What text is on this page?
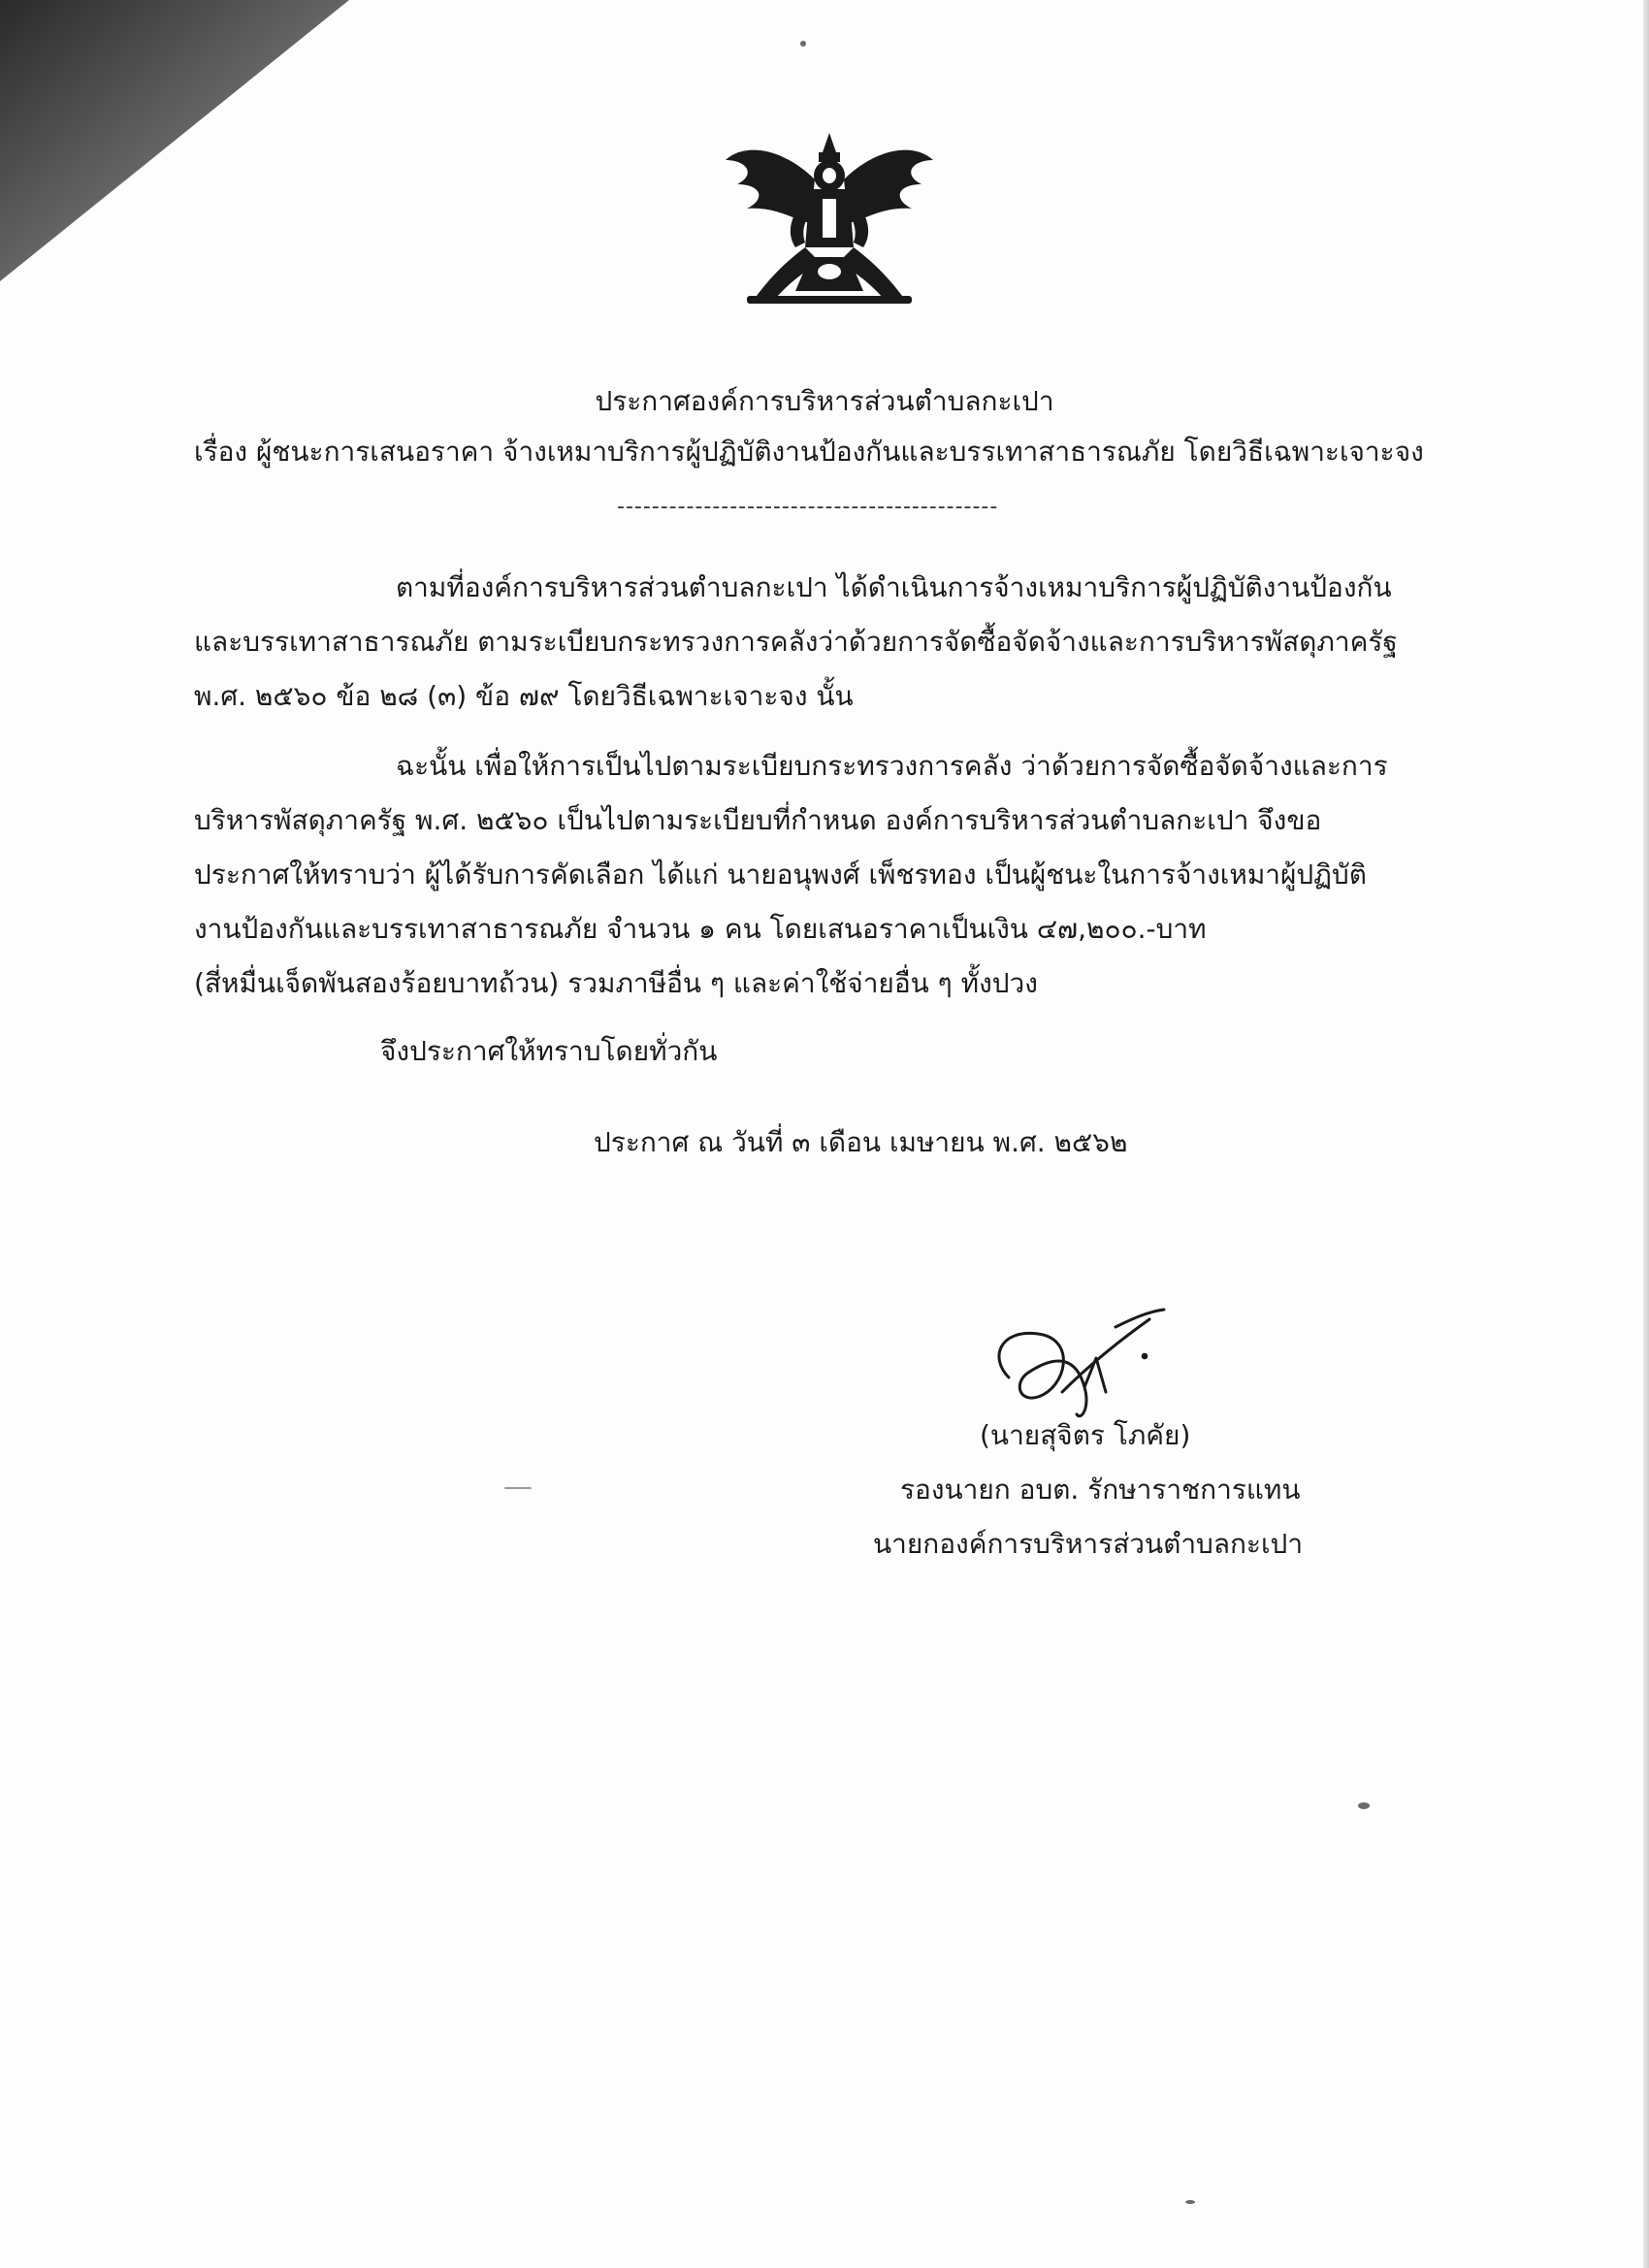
ประกาศองค์การบริหารส่วนตำบลกะเปา
เรื่อง ผู้ชนะการเสนอราคา จ้างเหมาบริการผู้ปฏิบัติงานป้องกันและบรรเทาสาธารณภัย โดยวิธีเฉพาะเจาะจง
--------------------------------------------
ตามที่องค์การบริหารส่วนตำบลกะเปา ได้ดำเนินการจ้างเหมาบริการผู้ปฏิบัติงานป้องกัน
และบรรเทาสาธารณภัย ตามระเบียบกระทรวงการคลังว่าด้วยการจัดซื้อจัดจ้างและการบริหารพัสดุภาครัฐ
พ.ศ. ๒๕๖๐ ข้อ ๒๘ (๓) ข้อ ๗๙ โดยวิธีเฉพาะเจาะจง นั้น
ฉะนั้น เพื่อให้การเป็นไปตามระเบียบกระทรวงการคลัง ว่าด้วยการจัดซื้อจัดจ้างและการ
บริหารพัสดุภาครัฐ พ.ศ. ๒๕๖๐ เป็นไปตามระเบียบที่กำหนด องค์การบริหารส่วนตำบลกะเปา จึงขอ
ประกาศให้ทราบว่า ผู้ได้รับการคัดเลือก ได้แก่ นายอนุพงศ์ เพ็ชรทอง เป็นผู้ชนะในการจ้างเหมาผู้ปฏิบัติ
งานป้องกันและบรรเทาสาธารณภัย จำนวน ๑ คน โดยเสนอราคาเป็นเงิน ๔๗,๒๐๐.-บาท
(สี่หมื่นเจ็ดพันสองร้อยบาทถ้วน) รวมภาษีอื่น ๆ และค่าใช้จ่ายอื่น ๆ ทั้งปวง
จึงประกาศให้ทราบโดยทั่วกัน
ประกาศ ณ วันที่ ๓ เดือน เมษายน พ.ศ. ๒๕๖๒
(นายสุจิตร โภคัย)
รองนายก อบต. รักษาราชการแทน
นายกองค์การบริหารส่วนตำบลกะเปา
